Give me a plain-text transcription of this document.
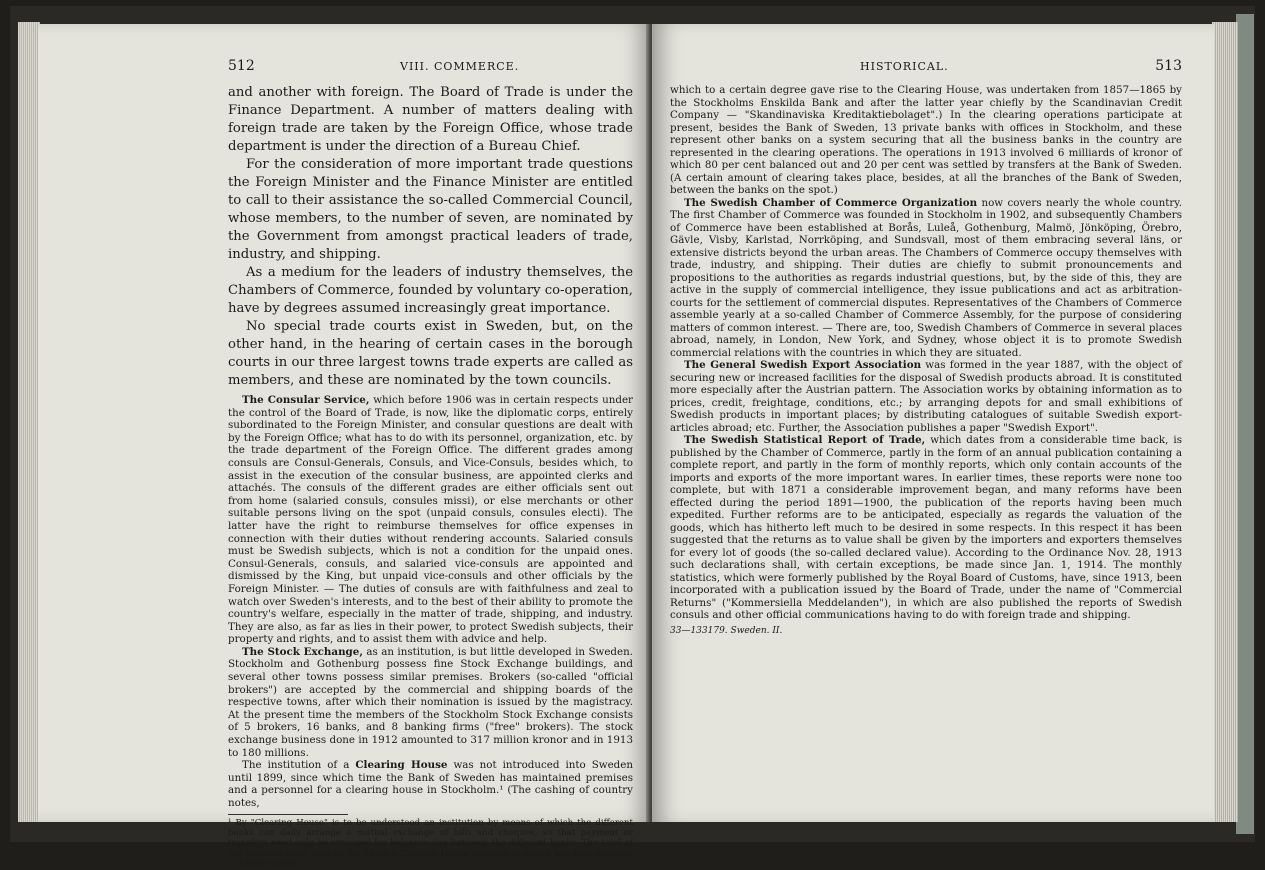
512	VIII. COMMERCE.

and another with foreign. The Board of Trade is under the Finance Department. A number of matters dealing with foreign trade are taken by the Foreign Office, whose trade department is under the direction of a Bureau Chief.

For the consideration of more important trade questions the Foreign Minister and the Finance Minister are entitled to call to their assistance the so-called Commercial Council, whose members, to the number of seven, are nominated by the Government from amongst practical leaders of trade, industry, and shipping.

As a medium for the leaders of industry themselves, the Chambers of Commerce, founded by voluntary co-operation, have by degrees assumed increasingly great importance.

No special trade courts exist in Sweden, but, on the other hand, in the hearing of certain cases in the borough courts in our three largest towns trade experts are called as members, and these are nominated by the town councils.

The Consular Service, which before 1906 was in certain respects under the control of the Board of Trade, is now, like the diplomatic corps, entirely subordinated to the Foreign Minister, and consular questions are dealt with by the Foreign Office; what has to do with its personnel, organization, etc. by the trade department of the Foreign Office. The different grades among consuls are Consul-Generals, Consuls, and Vice-Consuls, besides which, to assist in the execution of the consular business, are appointed clerks and attachés. The consuls of the different grades are either officials sent out from home (salaried consuls, consules missi), or else merchants or other suitable persons living on the spot (unpaid consuls, consules electi). The latter have the right to reimburse themselves for office expenses in connection with their duties without rendering accounts. Salaried consuls must be Swedish subjects, which is not a condition for the unpaid ones. Consul-Generals, consuls, and salaried vice-consuls are appointed and dismissed by the King, but unpaid vice-consuls and other officials by the Foreign Minister. — The duties of consuls are with faithfulness and zeal to watch over Sweden's interests, and to the best of their ability to promote the country's welfare, especially in the matter of trade, shipping, and industry. They are also, as far as lies in their power, to protect Swedish subjects, their property and rights, and to assist them with advice and help.

The Stock Exchange, as an institution, is but little developed in Sweden. Stockholm and Gothenburg possess fine Stock Exchange buildings, and several other towns possess similar premises. Brokers (so-called "official brokers") are accepted by the commercial and shipping boards of the respective towns, after which their nomination is issued by the magistracy. At the present time the members of the Stockholm Stock Exchange consists of 5 brokers, 16 banks, and 8 banking firms ("free" brokers). The stock exchange business done in 1912 amounted to 317 million kronor and in 1913 to 180 millions.

The institution of a Clearing House was not introduced into Sweden until 1899, since which time the Bank of Sweden has maintained premises and a personnel for a clearing house in Stockholm.¹ (The cashing of country notes,

¹ By "Clearing House" is to be understood an institution by means of which the different banks can daily arrange a mutual exchange of bills and cheques, so that payment or transfers need only be arranged for balances due between the different banks. The total of the business dealt with by the London Clearing House amounts to over a hundred milliards of kronor a year.

HISTORICAL.	513

which to a certain degree gave rise to the Clearing House, was undertaken from 1857—1865 by the Stockholms Enskilda Bank and after the latter year chiefly by the Scandinavian Credit Company — "Skandinaviska Kreditaktiebolaget".) In the clearing operations participate at present, besides the Bank of Sweden, 13 private banks with offices in Stockholm, and these represent other banks on a system securing that all the business banks in the country are represented in the clearing operations. The operations in 1913 involved 6 milliards of kronor of which 80 per cent balanced out and 20 per cent was settled by transfers at the Bank of Sweden. (A certain amount of clearing takes place, besides, at all the branches of the Bank of Sweden, between the banks on the spot.)

The Swedish Chamber of Commerce Organization now covers nearly the whole country. The first Chamber of Commerce was founded in Stockholm in 1902, and subsequently Chambers of Commerce have been established at Borås, Luleå, Gothenburg, Malmö, Jönköping, Örebro, Gävle, Visby, Karlstad, Norrköping, and Sundsvall, most of them embracing several läns, or extensive districts beyond the urban areas. The Chambers of Commerce occupy themselves with trade, industry, and shipping. Their duties are chiefly to submit pronouncements and propositions to the authorities as regards industrial questions, but, by the side of this, they are active in the supply of commercial intelligence, they issue publications and act as arbitration-courts for the settlement of commercial disputes. Representatives of the Chambers of Commerce assemble yearly at a so-called Chamber of Commerce Assembly, for the purpose of considering matters of common interest. — There are, too, Swedish Chambers of Commerce in several places abroad, namely, in London, New York, and Sydney, whose object it is to promote Swedish commercial relations with the countries in which they are situated.

The General Swedish Export Association was formed in the year 1887, with the object of securing new or increased facilities for the disposal of Swedish products abroad. It is constituted more especially after the Austrian pattern. The Association works by obtaining information as to prices, credit, freightage, conditions, etc.; by arranging depots for and small exhibitions of Swedish products in important places; by distributing catalogues of suitable Swedish export-articles abroad; etc. Further, the Association publishes a paper "Swedish Export".

The Swedish Statistical Report of Trade, which dates from a considerable time back, is published by the Chamber of Commerce, partly in the form of an annual publication containing a complete report, and partly in the form of monthly reports, which only contain accounts of the imports and exports of the more important wares. In earlier times, these reports were none too complete, but with 1871 a considerable improvement began, and many reforms have been effected during the period 1891—1900, the publication of the reports having been much expedited. Further reforms are to be anticipated, especially as regards the valuation of the goods, which has hitherto left much to be desired in some respects. In this respect it has been suggested that the returns as to value shall be given by the importers and exporters themselves for every lot of goods (the so-called declared value). According to the Ordinance Nov. 28, 1913 such declarations shall, with certain exceptions, be made since Jan. 1, 1914. The monthly statistics, which were formerly published by the Royal Board of Customs, have, since 1913, been incorporated with a publication issued by the Board of Trade, under the name of "Commercial Returns" ("Kommersiella Meddelanden"), in which are also published the reports of Swedish consuls and other official communications having to do with foreign trade and shipping.

33—133179. Sweden. II.
